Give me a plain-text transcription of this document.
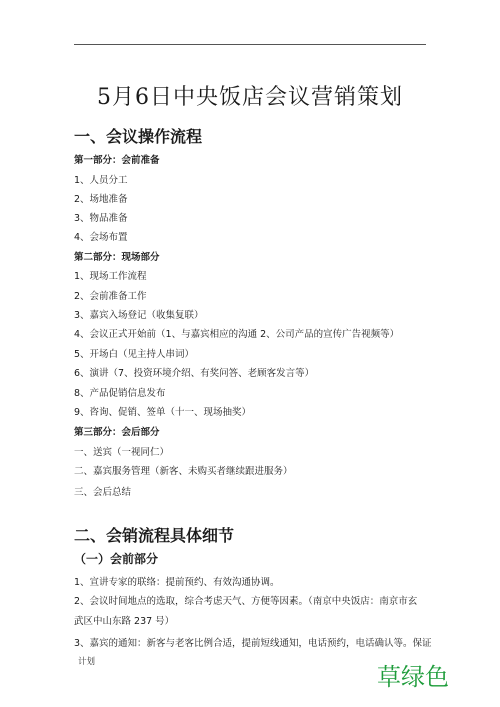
5月6日中央饭店会议营销策划
一、会议操作流程
第一部分：会前准备
1、人员分工
2、场地准备
3、物品准备
4、会场布置
第二部分：现场部分
1、现场工作流程
2、会前准备工作
3、嘉宾入场登记（收集复联）
4、会议正式开始前（1、与嘉宾相应的沟通 2、公司产品的宣传广告视频等）
5、开场白（见主持人串词）
6、演讲（7、投资环境介绍、有奖问答、老顾客发言等）
8、产品促销信息发布
9、咨询、促销、签单（十一、现场抽奖）
第三部分：会后部分
一、送宾（一视同仁）
二、嘉宾服务管理（新客、未购买者继续跟进服务）
三、会后总结
二、会销流程具体细节
（一）会前部分
1、宣讲专家的联络：提前预约、有效沟通协调。
2、会议时间地点的选取，综合考虑天气、方便等因素。（南京中央饭店：南京市玄武区中山东路 237 号）
3、嘉宾的通知：新客与老客比例合适，提前短线通知，电话预约，电话确认等。保证
计划
草绿色
